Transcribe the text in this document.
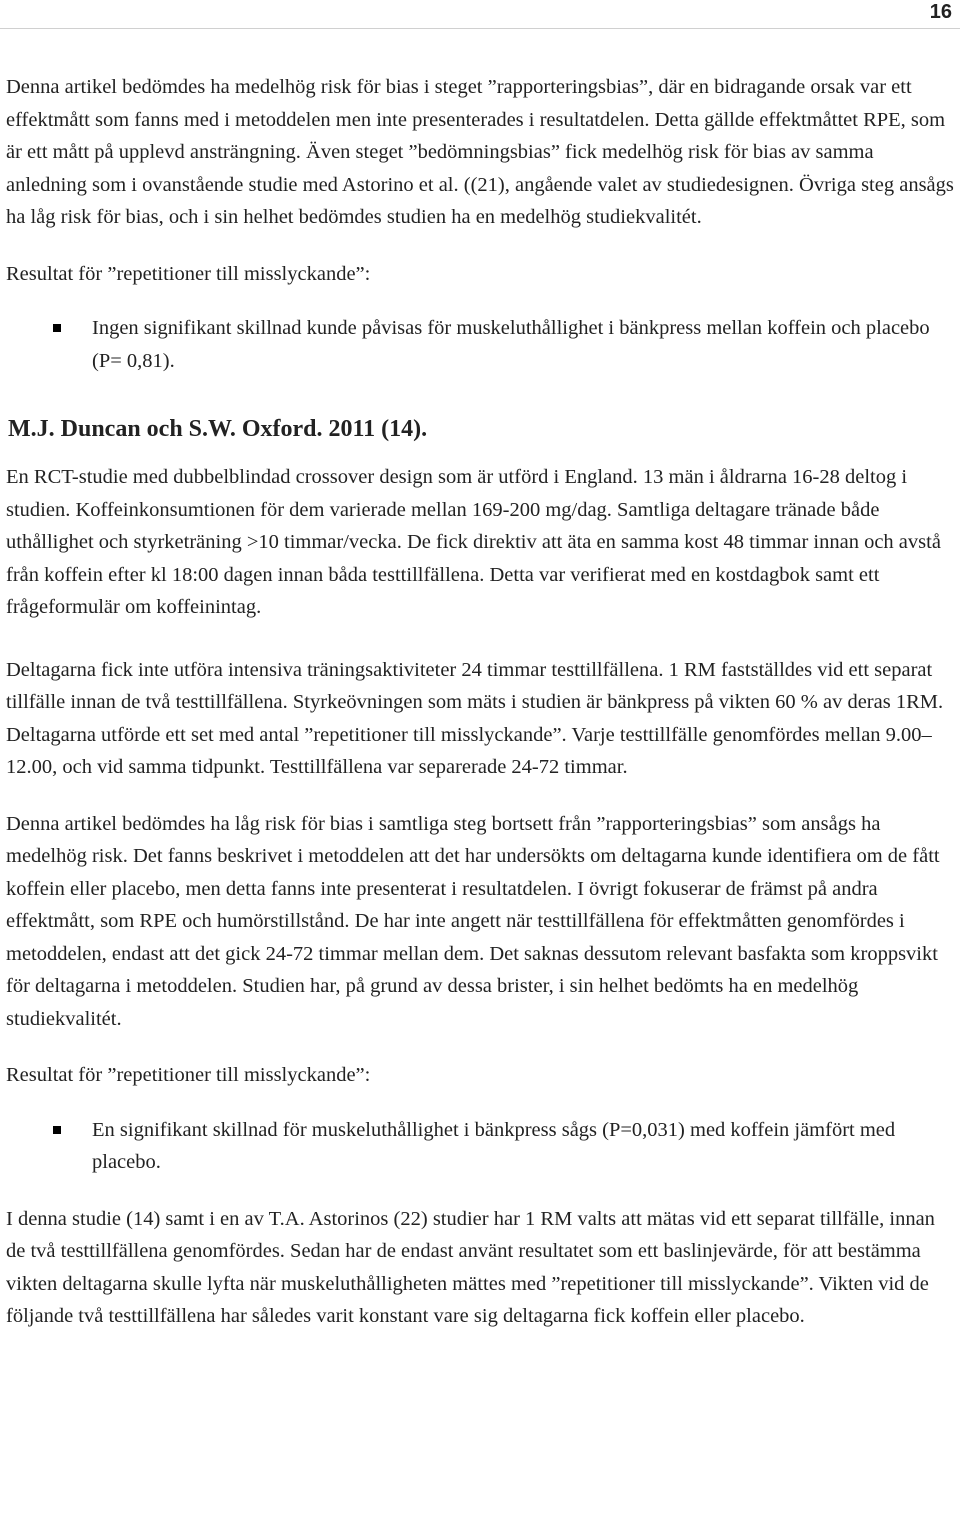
16

Denna artikel bedömdes ha medelhög risk för bias i steget ”rapporteringsbias”, där en bidragande orsak var ett effektmått som fanns med i metoddelen men inte presenterades i resultatdelen. Detta gällde effektmåttet RPE, som är ett mått på upplevd ansträngning. Även steget ”bedömningsbias” fick medelhög risk för bias av samma anledning som i ovanstående studie med Astorino et al. ((21), angående valet av studiedesignen. Övriga steg ansågs ha låg risk för bias, och i sin helhet bedömdes studien ha en medelhög studiekvalitét.

Resultat för ”repetitioner till misslyckande”:

Ingen signifikant skillnad kunde påvisas för muskeluthållighet i bänkpress mellan koffein och placebo (P= 0,81).

M.J. Duncan och S.W. Oxford. 2011 (14).

En RCT-studie med dubbelblindad crossover design som är utförd i England. 13 män i åldrarna 16-28 deltog i studien. Koffeinkonsumtionen för dem varierade mellan 169-200 mg/dag. Samtliga deltagare tränade både uthållighet och styrketräning >10 timmar/vecka. De fick direktiv att äta en samma kost 48 timmar innan och avstå från koffein efter kl 18:00 dagen innan båda testtillfällena. Detta var verifierat med en kostdagbok samt ett frågeformulär om koffeinintag.

Deltagarna fick inte utföra intensiva träningsaktiviteter 24 timmar testtillfällena. 1 RM fastställdes vid ett separat tillfälle innan de två testtillfällena. Styrkeövningen som mäts i studien är bänkpress på vikten 60 % av deras 1RM. Deltagarna utförde ett set med antal ”repetitioner till misslyckande”. Varje testtillfälle genomfördes mellan 9.00–12.00, och vid samma tidpunkt. Testtillfällena var separerade 24-72 timmar.

Denna artikel bedömdes ha låg risk för bias i samtliga steg bortsett från ”rapporteringsbias” som ansågs ha medelhög risk. Det fanns beskrivet i metoddelen att det har undersökts om deltagarna kunde identifiera om de fått koffein eller placebo, men detta fanns inte presenterat i resultatdelen. I övrigt fokuserar de främst på andra effektmått, som RPE och humörstillstånd. De har inte angett när testtillfällena för effektmåtten genomfördes i metoddelen, endast att det gick 24-72 timmar mellan dem. Det saknas dessutom relevant basfakta som kroppsvikt för deltagarna i metoddelen. Studien har, på grund av dessa brister, i sin helhet bedömts ha en medelhög studiekvalitét.

Resultat för ”repetitioner till misslyckande”:

En signifikant skillnad för muskeluthållighet i bänkpress sågs (P=0,031) med koffein jämfört med placebo.

I denna studie (14) samt i en av T.A. Astorinos (22) studier har 1 RM valts att mätas vid ett separat tillfälle, innan de två testtillfällena genomfördes. Sedan har de endast använt resultatet som ett baslinjevärde, för att bestämma vikten deltagarna skulle lyfta när muskeluthålligheten mättes med ”repetitioner till misslyckande”. Vikten vid de följande två testtillfällena har således varit konstant vare sig deltagarna fick koffein eller placebo.
